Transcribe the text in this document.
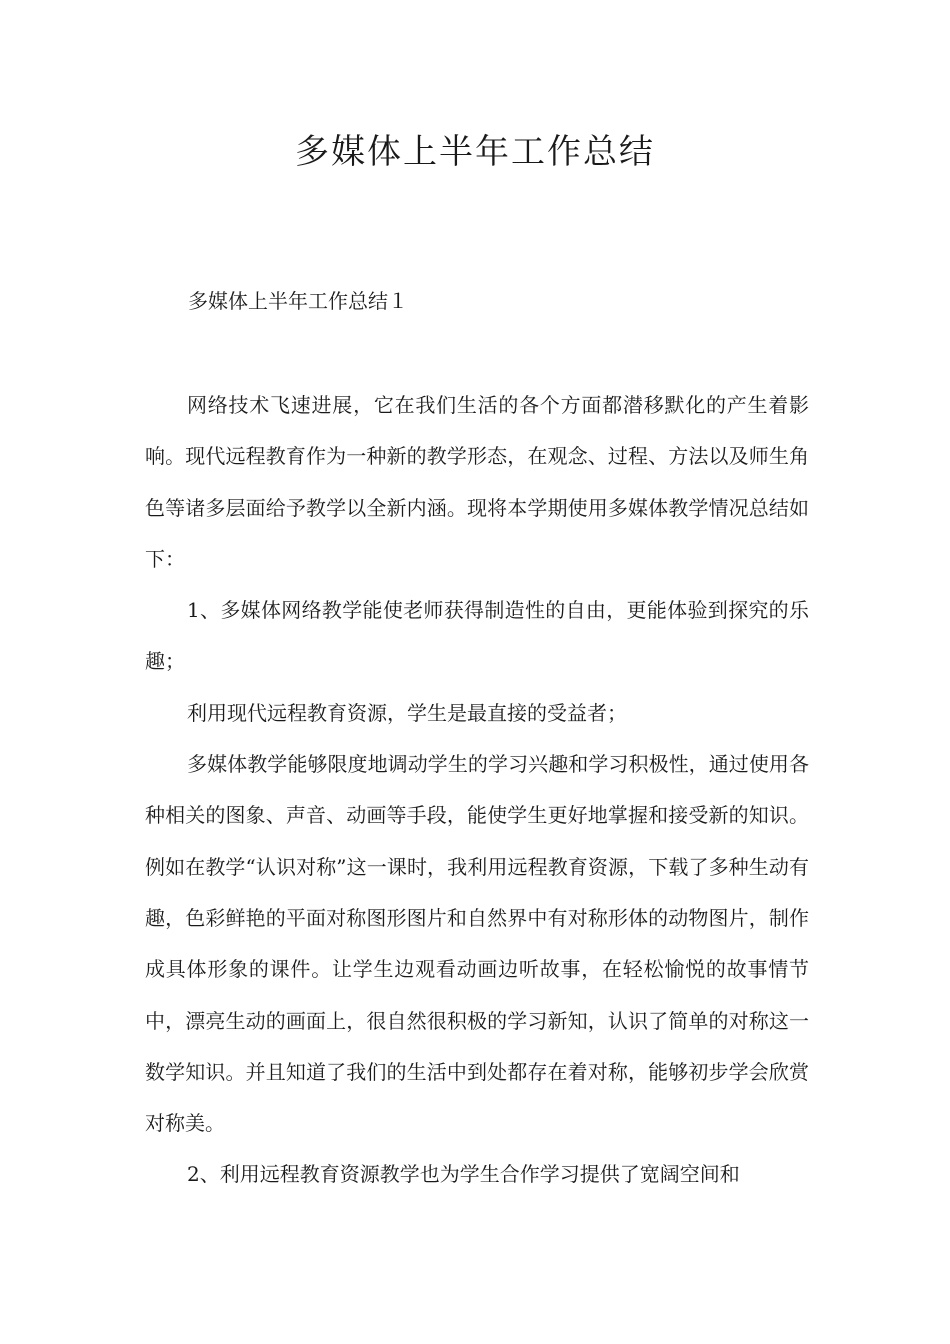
多媒体上半年工作总结

多媒体上半年工作总结１

网络技术飞速进展，它在我们生活的各个方面都潜移默化的产生着影响。现代远程教育作为一种新的教学形态，在观念、过程、方法以及师生角色等诸多层面给予教学以全新内涵。现将本学期使用多媒体教学情况总结如下：

1、多媒体网络教学能使老师获得制造性的自由，更能体验到探究的乐趣；

利用现代远程教育资源，学生是最直接的受益者；

多媒体教学能够限度地调动学生的学习兴趣和学习积极性，通过使用各种相关的图象、声音、动画等手段，能使学生更好地掌握和接受新的知识。例如在教学“认识对称”这一课时，我利用远程教育资源，下载了多种生动有趣，色彩鲜艳的平面对称图形图片和自然界中有对称形体的动物图片，制作成具体形象的课件。让学生边观看动画边听故事，在轻松愉悦的故事情节中，漂亮生动的画面上，很自然很积极的学习新知，认识了简单的对称这一数学知识。并且知道了我们的生活中到处都存在着对称，能够初步学会欣赏对称美。

2、利用远程教育资源教学也为学生合作学习提供了宽阔空间和
